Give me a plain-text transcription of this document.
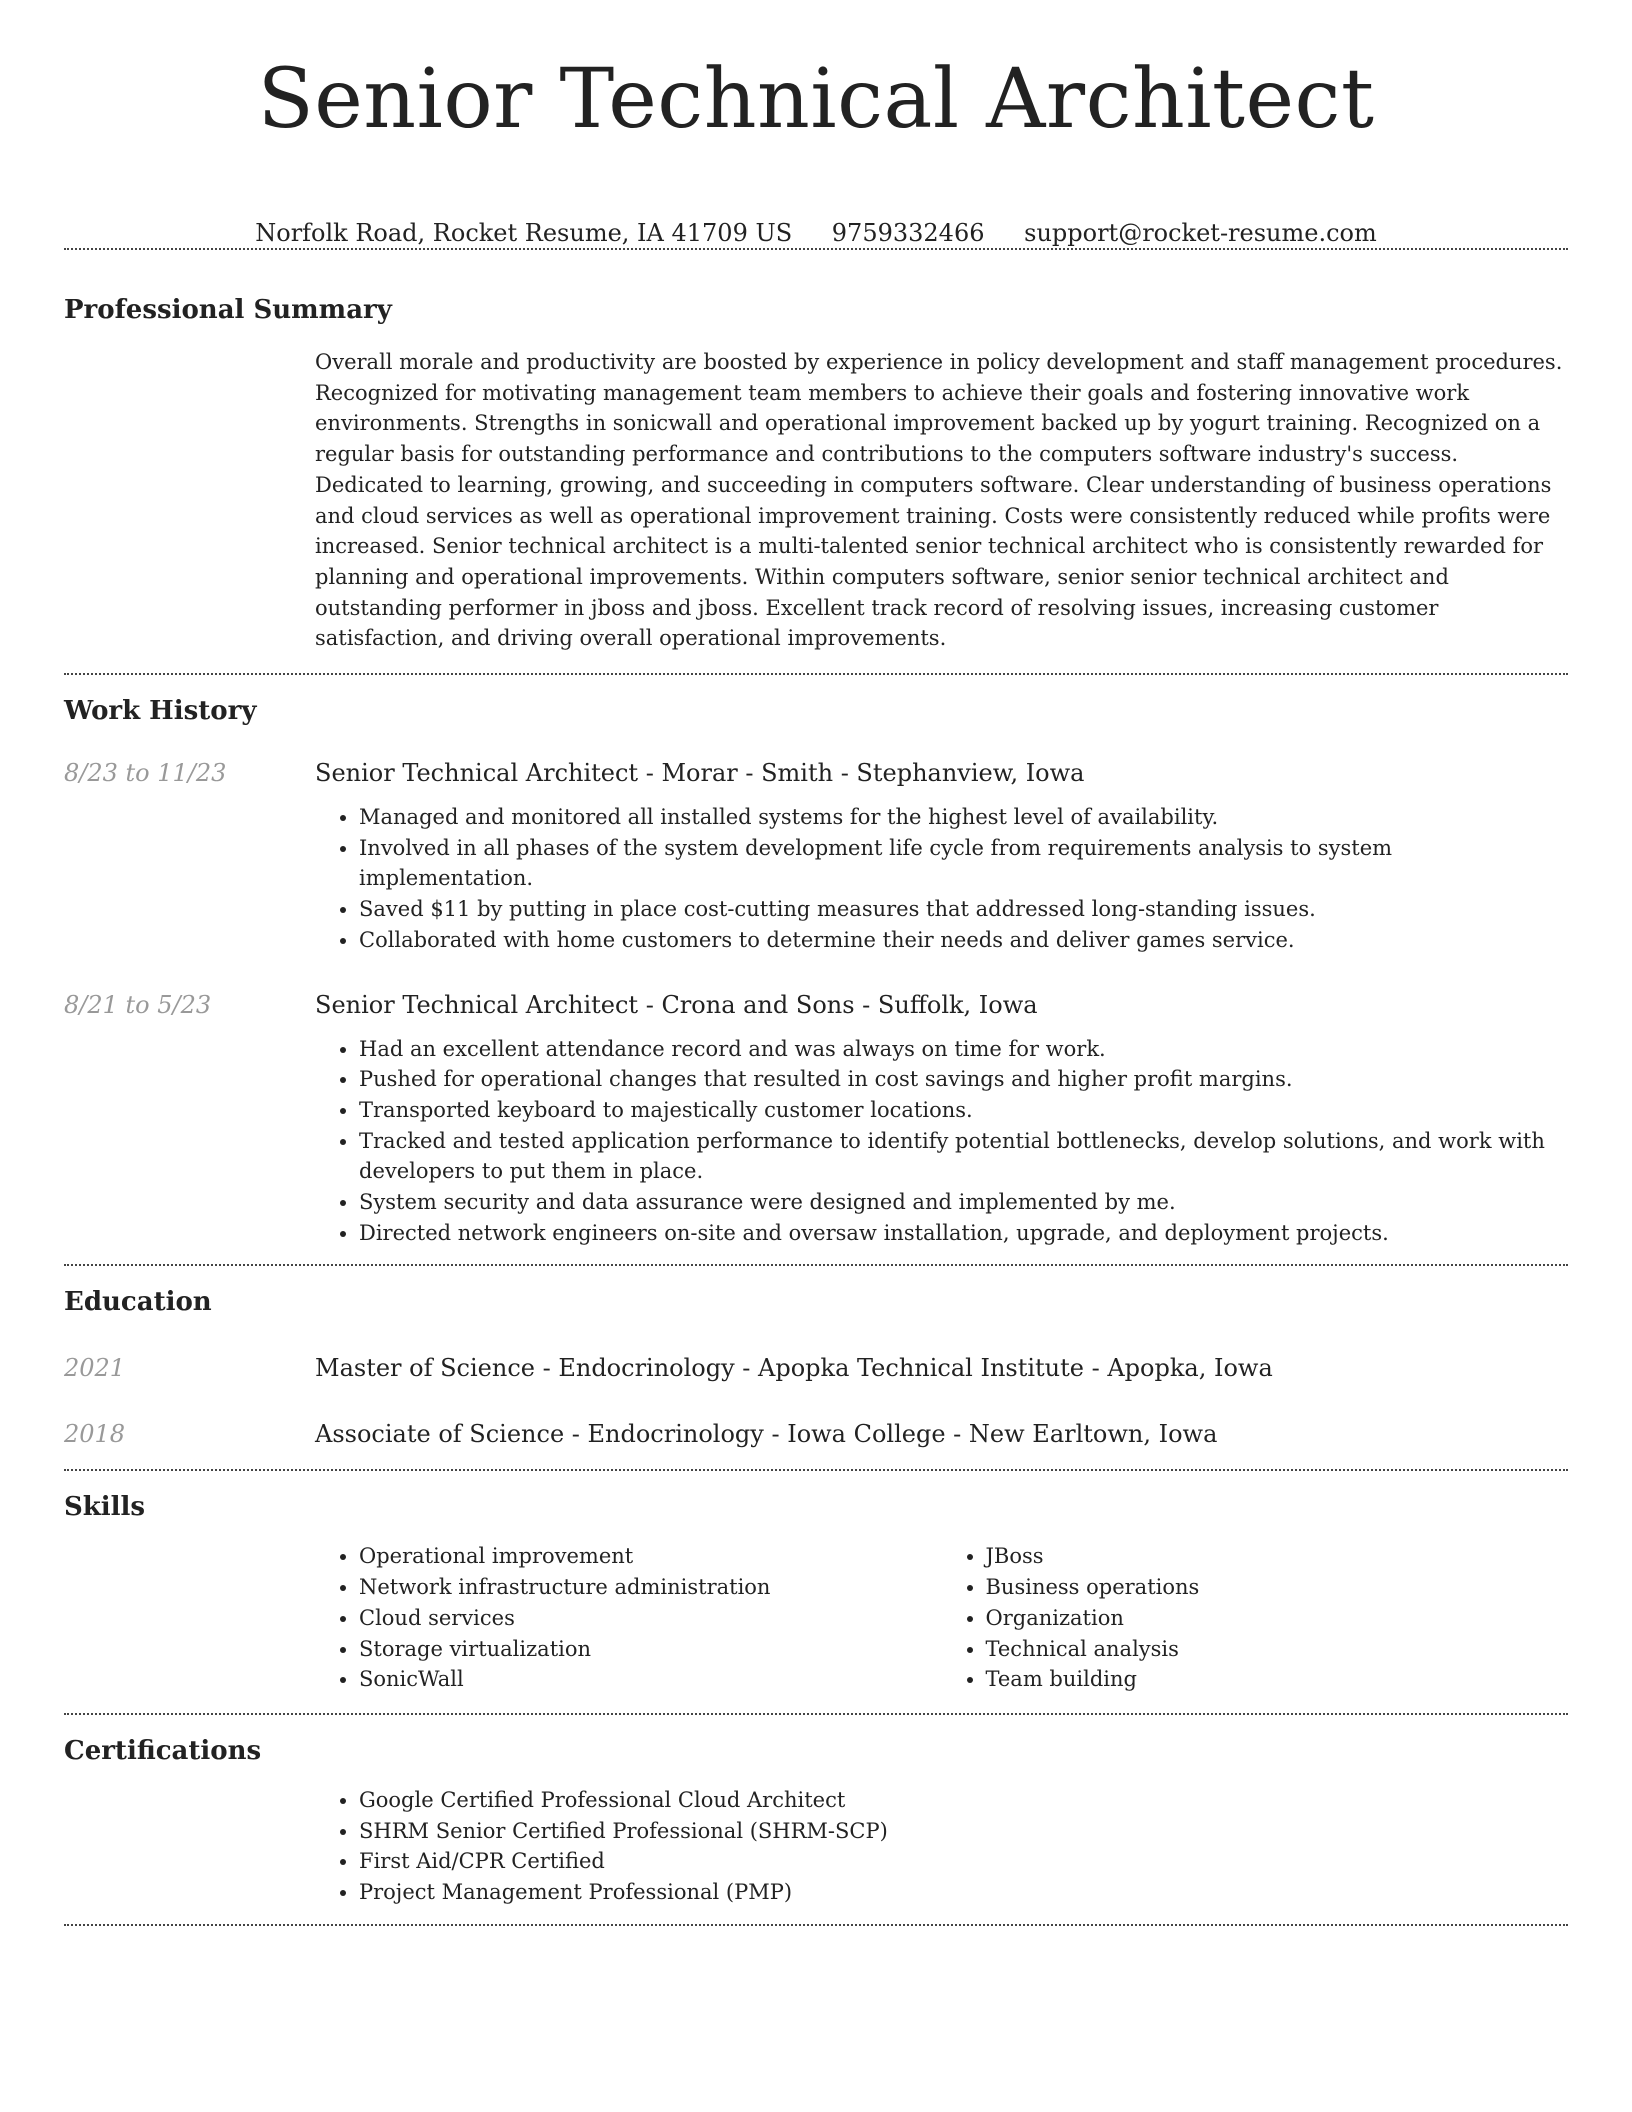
Senior Technical Architect
Norfolk Road, Rocket Resume, IA 41709 US 9759332466 support@rocket-resume.com
Professional Summary
Overall morale and productivity are boosted by experience in policy development and staff management procedures. Recognized for motivating management team members to achieve their goals and fostering innovative work environments. Strengths in sonicwall and operational improvement backed up by yogurt training. Recognized on a regular basis for outstanding performance and contributions to the computers software industry's success. Dedicated to learning, growing, and succeeding in computers software. Clear understanding of business operations and cloud services as well as operational improvement training. Costs were consistently reduced while profits were increased. Senior technical architect is a multi-talented senior technical architect who is consistently rewarded for planning and operational improvements. Within computers software, senior senior technical architect and outstanding performer in jboss and jboss. Excellent track record of resolving issues, increasing customer satisfaction, and driving overall operational improvements.
Work History
8/23 to 11/23	Senior Technical Architect - Morar - Smith - Stephanview, Iowa
• Managed and monitored all installed systems for the highest level of availability.
• Involved in all phases of the system development life cycle from requirements analysis to system implementation.
• Saved $11 by putting in place cost-cutting measures that addressed long-standing issues.
• Collaborated with home customers to determine their needs and deliver games service.
8/21 to 5/23	Senior Technical Architect - Crona and Sons - Suffolk, Iowa
• Had an excellent attendance record and was always on time for work.
• Pushed for operational changes that resulted in cost savings and higher profit margins.
• Transported keyboard to majestically customer locations.
• Tracked and tested application performance to identify potential bottlenecks, develop solutions, and work with developers to put them in place.
• System security and data assurance were designed and implemented by me.
• Directed network engineers on-site and oversaw installation, upgrade, and deployment projects.
Education
2021	Master of Science - Endocrinology - Apopka Technical Institute - Apopka, Iowa
2018	Associate of Science - Endocrinology - Iowa College - New Earltown, Iowa
Skills
• Operational improvement
• Network infrastructure administration
• Cloud services
• Storage virtualization
• SonicWall
• JBoss
• Business operations
• Organization
• Technical analysis
• Team building
Certifications
• Google Certified Professional Cloud Architect
• SHRM Senior Certified Professional (SHRM-SCP)
• First Aid/CPR Certified
• Project Management Professional (PMP)
